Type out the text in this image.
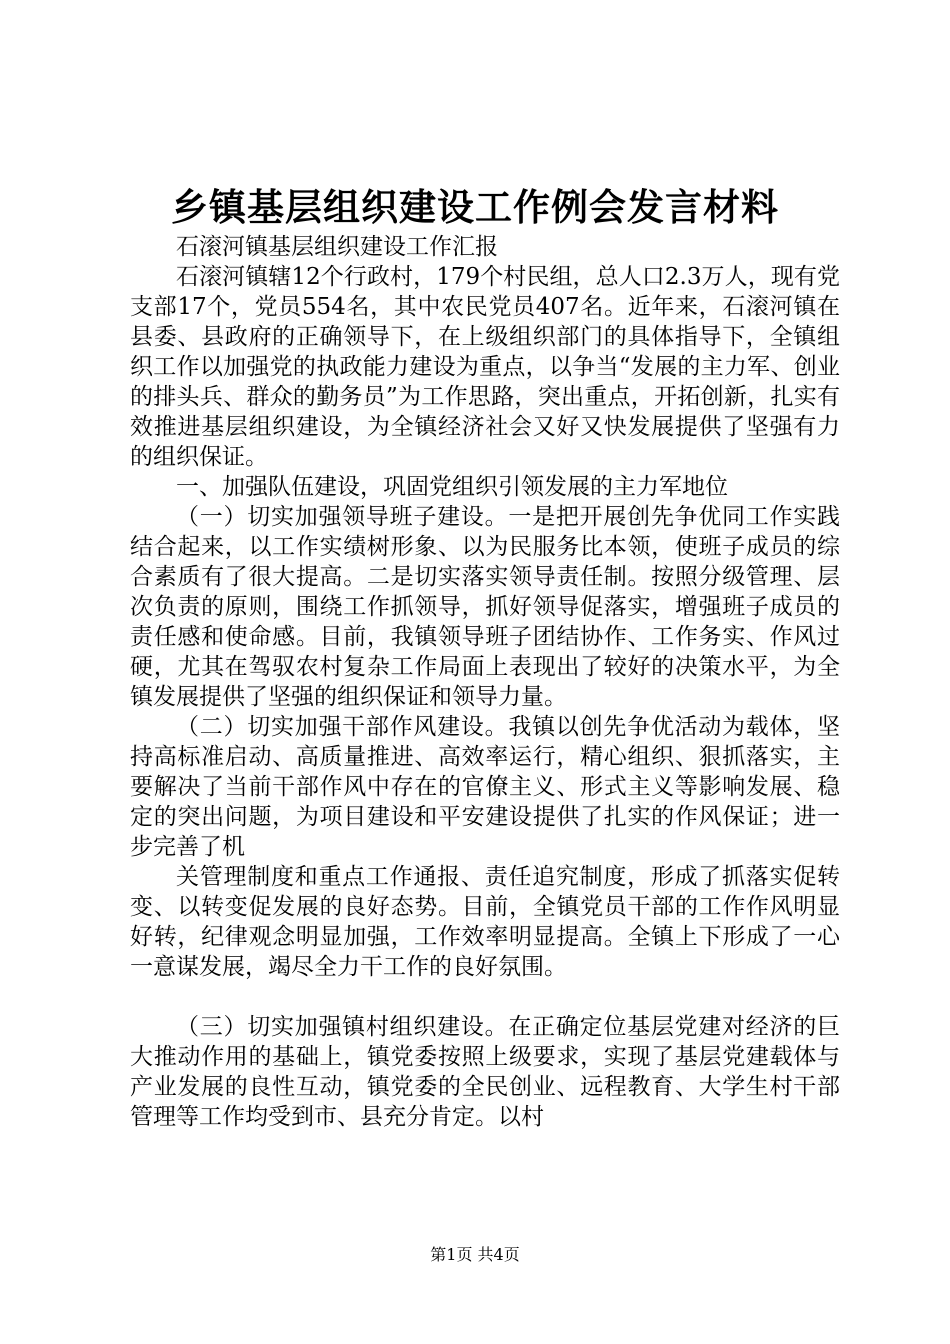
乡镇基层组织建设工作例会发言材料

石滚河镇基层组织建设工作汇报

石滚河镇辖12个行政村，179个村民组，总人口2.3万人，现有党支部17个，党员554名，其中农民党员407名。近年来，石滚河镇在县委、县政府的正确领导下，在上级组织部门的具体指导下，全镇组织工作以加强党的执政能力建设为重点，以争当“发展的主力军、创业的排头兵、群众的勤务员”为工作思路，突出重点，开拓创新，扎实有效推进基层组织建设，为全镇经济社会又好又快发展提供了坚强有力的组织保证。

一、加强队伍建设，巩固党组织引领发展的主力军地位

（一）切实加强领导班子建设。一是把开展创先争优同工作实践结合起来，以工作实绩树形象、以为民服务比本领，使班子成员的综合素质有了很大提高。二是切实落实领导责任制。按照分级管理、层次负责的原则，围绕工作抓领导，抓好领导促落实，增强班子成员的责任感和使命感。目前，我镇领导班子团结协作、工作务实、作风过硬，尤其在驾驭农村复杂工作局面上表现出了较好的决策水平，为全镇发展提供了坚强的组织保证和领导力量。

（二）切实加强干部作风建设。我镇以创先争优活动为载体，坚持高标准启动、高质量推进、高效率运行，精心组织、狠抓落实，主要解决了当前干部作风中存在的官僚主义、形式主义等影响发展、稳定的突出问题，为项目建设和平安建设提供了扎实的作风保证；进一步完善了机

关管理制度和重点工作通报、责任追究制度，形成了抓落实促转变、以转变促发展的良好态势。目前，全镇党员干部的工作作风明显好转，纪律观念明显加强，工作效率明显提高。全镇上下形成了一心一意谋发展，竭尽全力干工作的良好氛围。

（三）切实加强镇村组织建设。在正确定位基层党建对经济的巨大推动作用的基础上，镇党委按照上级要求，实现了基层党建载体与产业发展的良性互动，镇党委的全民创业、远程教育、大学生村干部管理等工作均受到市、县充分肯定。以村

第1页 共4页
